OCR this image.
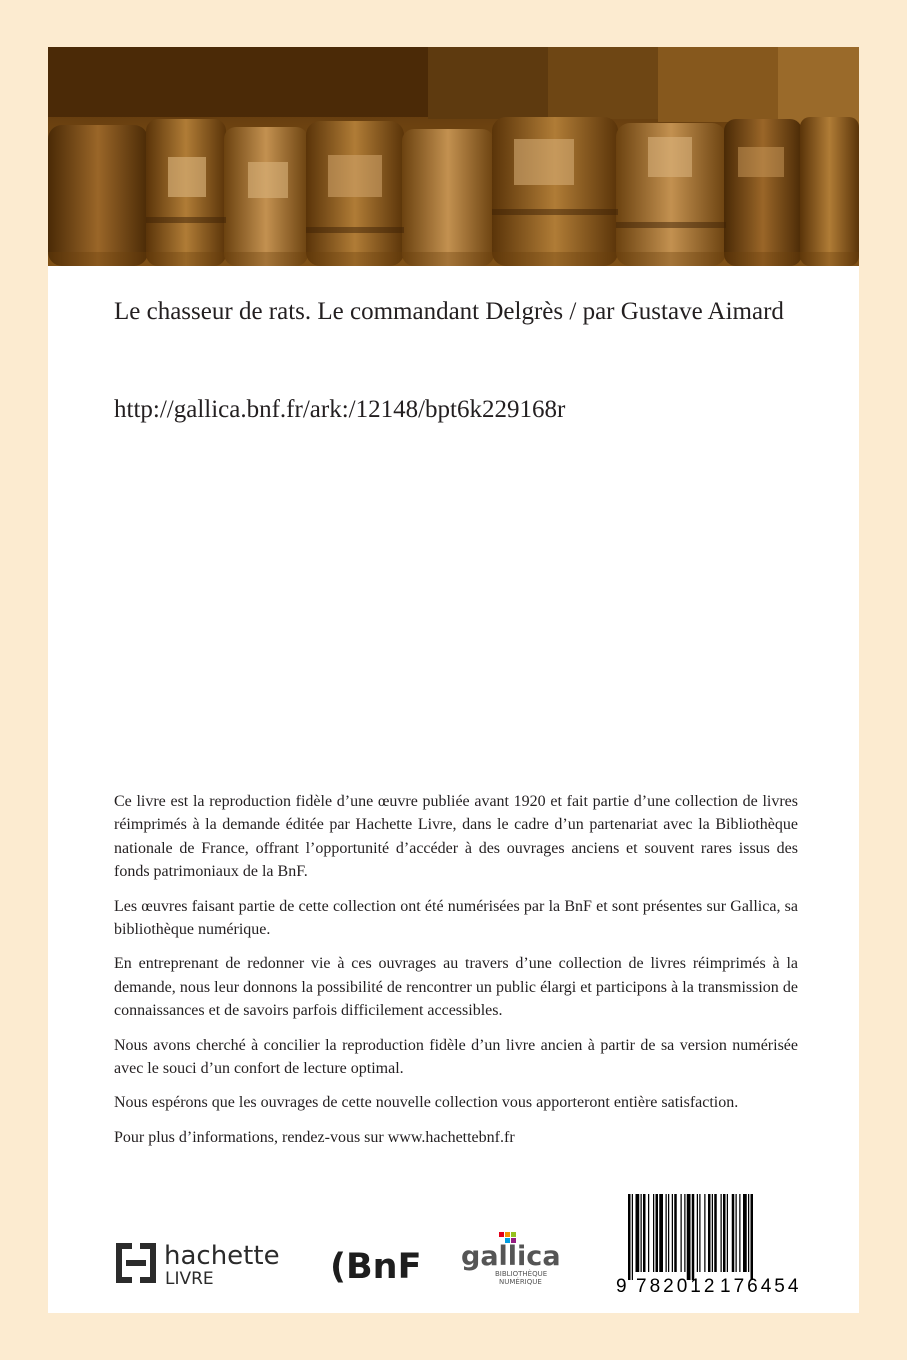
Le chasseur de rats. Le commandant Delgrès / par Gustave Aimard

http://gallica.bnf.fr/ark:/12148/bpt6k229168r

Ce livre est la reproduction fidèle d’une œuvre publiée avant 1920 et fait partie d’une collection de livres réimprimés à la demande éditée par Hachette Livre, dans le cadre d’un partenariat avec la Bibliothèque nationale de France, offrant l’opportunité d’accéder à des ouvrages anciens et souvent rares issus des fonds patrimoniaux de la BnF.

Les œuvres faisant partie de cette collection ont été numérisées par la BnF et sont présentes sur Gallica, sa bibliothèque numérique.

En entreprenant de redonner vie à ces ouvrages au travers d’une collection de livres réimprimés à la demande, nous leur donnons la possibilité de rencontrer un public élargi et participons à la transmission de connaissances et de savoirs parfois difficilement accessibles.

Nous avons cherché à concilier la reproduction fidèle d’un livre ancien à partir de sa version numérisée avec le souci d’un confort de lecture optimal.

Nous espérons que les ouvrages de cette nouvelle collection vous apporteront entière satisfaction.

Pour plus d’informations, rendez-vous sur www.hachettebnf.fr

hachette
LIVRE	(BnF gallica
BIBLIOTHÈQUE
NUMÉRIQUE	9 782012 176454
